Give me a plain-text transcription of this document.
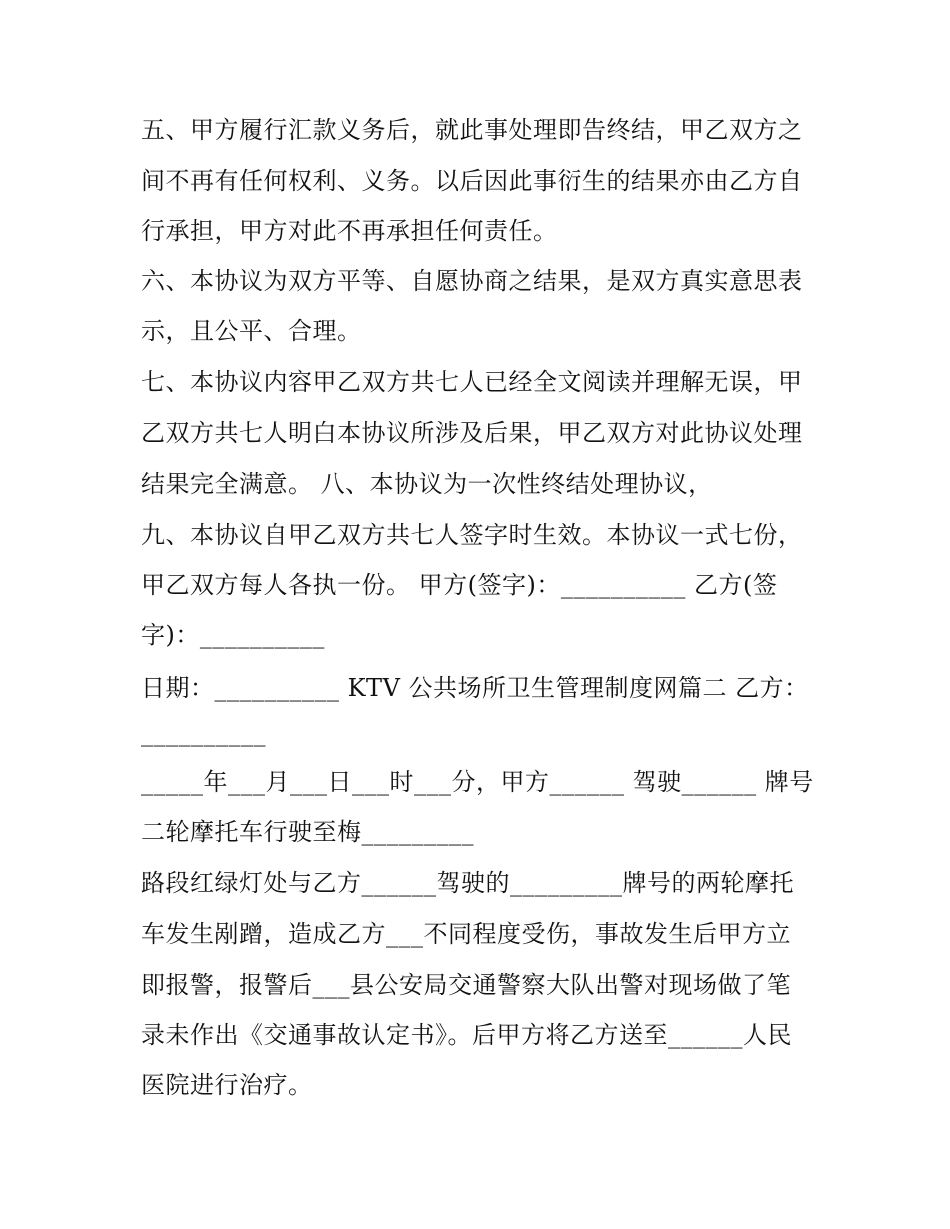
五、甲方履行汇款义务后，就此事处理即告终结，甲乙双方之
间不再有任何权利、义务。以后因此事衍生的结果亦由乙方自
行承担，甲方对此不再承担任何责任。
六、本协议为双方平等、自愿协商之结果，是双方真实意思表
示，且公平、合理。
七、本协议内容甲乙双方共七人已经全文阅读并理解无误，甲
乙双方共七人明白本协议所涉及后果，甲乙双方对此协议处理
结果完全满意。 八、本协议为一次性终结处理协议，
九、本协议自甲乙双方共七人签字时生效。本协议一式七份，
甲乙双方每人各执一份。 甲方(签字)：__________ 乙方(签
字)：__________
日期：__________ KTV 公共场所卫生管理制度网篇二 乙方：
__________
_____年___月___日___时___分，甲方______ 驾驶______ 牌号
二轮摩托车行驶至梅_________
路段红绿灯处与乙方______驾驶的_________牌号的两轮摩托
车发生剐蹭，造成乙方___不同程度受伤，事故发生后甲方立
即报警，报警后___县公安局交通警察大队出警对现场做了笔
录未作出《交通事故认定书》。后甲方将乙方送至______人民
医院进行治疗。
